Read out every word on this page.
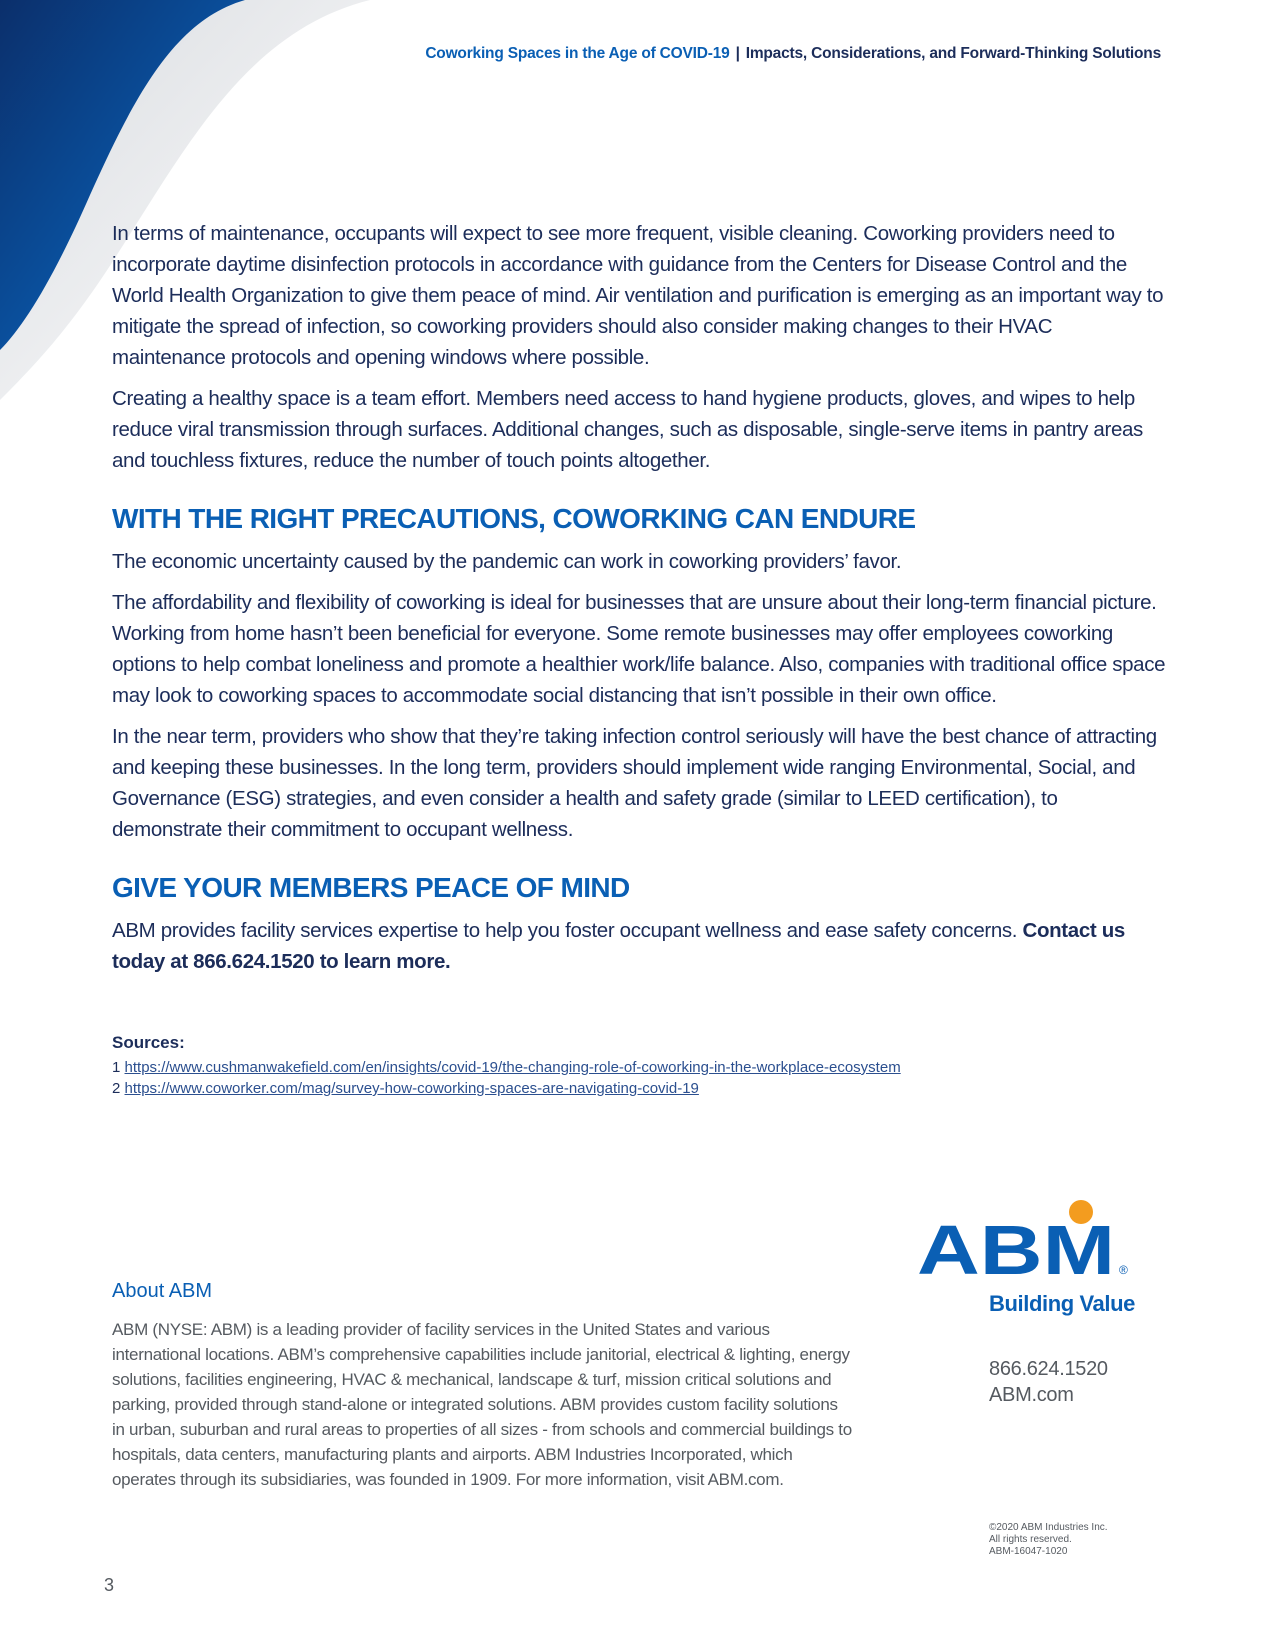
Coworking Spaces in the Age of COVID-19 | Impacts, Considerations, and Forward-Thinking Solutions

In terms of maintenance, occupants will expect to see more frequent, visible cleaning. Coworking providers need to incorporate daytime disinfection protocols in accordance with guidance from the Centers for Disease Control and the World Health Organization to give them peace of mind. Air ventilation and purification is emerging as an important way to mitigate the spread of infection, so coworking providers should also consider making changes to their HVAC maintenance protocols and opening windows where possible.

Creating a healthy space is a team effort. Members need access to hand hygiene products, gloves, and wipes to help reduce viral transmission through surfaces. Additional changes, such as disposable, single-serve items in pantry areas and touchless fixtures, reduce the number of touch points altogether.

WITH THE RIGHT PRECAUTIONS, COWORKING CAN ENDURE

The economic uncertainty caused by the pandemic can work in coworking providers’ favor.

The affordability and flexibility of coworking is ideal for businesses that are unsure about their long-term financial picture. Working from home hasn’t been beneficial for everyone. Some remote businesses may offer employees coworking options to help combat loneliness and promote a healthier work/life balance. Also, companies with traditional office space may look to coworking spaces to accommodate social distancing that isn’t possible in their own office.

In the near term, providers who show that they’re taking infection control seriously will have the best chance of attracting and keeping these businesses. In the long term, providers should implement wide ranging Environmental, Social, and Governance (ESG) strategies, and even consider a health and safety grade (similar to LEED certification), to demonstrate their commitment to occupant wellness.

GIVE YOUR MEMBERS PEACE OF MIND

ABM provides facility services expertise to help you foster occupant wellness and ease safety concerns. Contact us today at 866.624.1520 to learn more.

Sources:
1 https://www.cushmanwakefield.com/en/insights/covid-19/the-changing-role-of-coworking-in-the-workplace-ecosystem
2 https://www.coworker.com/mag/survey-how-coworking-spaces-are-navigating-covid-19
About ABM
ABM (NYSE: ABM) is a leading provider of facility services in the United States and various international locations. ABM’s comprehensive capabilities include janitorial, electrical & lighting, energy solutions, facilities engineering, HVAC & mechanical, landscape & turf, mission critical solutions and parking, provided through stand-alone or integrated solutions. ABM provides custom facility solutions in urban, suburban and rural areas to properties of all sizes - from schools and commercial buildings to hospitals, data centers, manufacturing plants and airports. ABM Industries Incorporated, which operates through its subsidiaries, was founded in 1909. For more information, visit ABM.com.
ABM ®
Building Value
866.624.1520
ABM.com
©2020 ABM Industries Inc.
All rights reserved.
ABM-16047-1020
3
